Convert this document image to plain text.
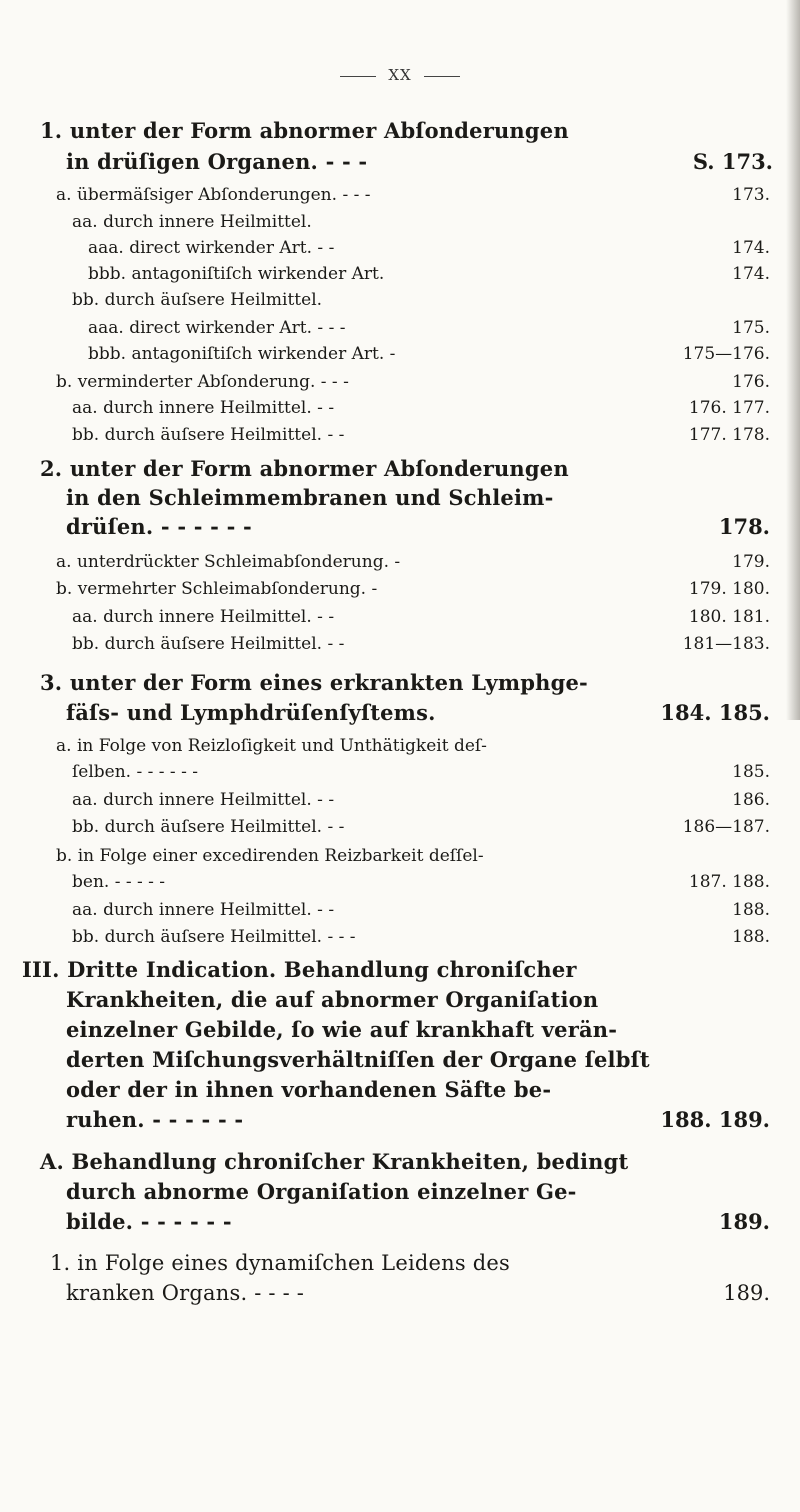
XX
1. unter der Form abnormer Abſonderungen
in drüſigen Organen. - - -	S. 173.
a. übermäſsiger Abſonderungen. - - -	173.
aa. durch innere Heilmittel.
aaa. direct wirkender Art. - -	174.
bbb. antagoniſtiſch wirkender Art.	174.
bb. durch äuſsere Heilmittel.
aaa. direct wirkender Art. - - -	175.
bbb. antagoniſtiſch wirkender Art. -	175—176.
b. verminderter Abſonderung. - - -	176.
aa. durch innere Heilmittel. - -	176. 177.
bb. durch äuſsere Heilmittel. - -	177. 178.
2. unter der Form abnormer Abſonderungen
in den Schleimmembranen und Schleim-
drüſen. - - - - - -	178.
a. unterdrückter Schleimabſonderung. -	179.
b. vermehrter Schleimabſonderung. -	179. 180.
aa. durch innere Heilmittel. - -	180. 181.
bb. durch äuſsere Heilmittel. - -	181—183.
3. unter der Form eines erkrankten Lymphge-
fäſs- und Lymphdrüſenſyſtems.	184. 185.
a. in Folge von Reizloſigkeit und Unthätigkeit deſ-
ſelben. - - - - - -	185.
aa. durch innere Heilmittel. - -	186.
bb. durch äuſsere Heilmittel. - -	186—187.
b. in Folge einer excedirenden Reizbarkeit deſſel-
ben. - - - - -	187. 188.
aa. durch innere Heilmittel. - -	188.
bb. durch äuſsere Heilmittel. - - -	188.
III. Dritte Indication. Behandlung chroniſcher
Krankheiten, die auf abnormer Organiſation
einzelner Gebilde, ſo wie auf krankhaft verän-
derten Miſchungsverhältniſſen der Organe ſelbſt
oder der in ihnen vorhandenen Säfte be-
ruhen. - - - - - -	188. 189.
A. Behandlung chroniſcher Krankheiten, bedingt
durch abnorme Organiſation einzelner Ge-
bilde. - - - - - -	189.
1. in Folge eines dynamiſchen Leidens des
kranken Organs. - - - -	189.
